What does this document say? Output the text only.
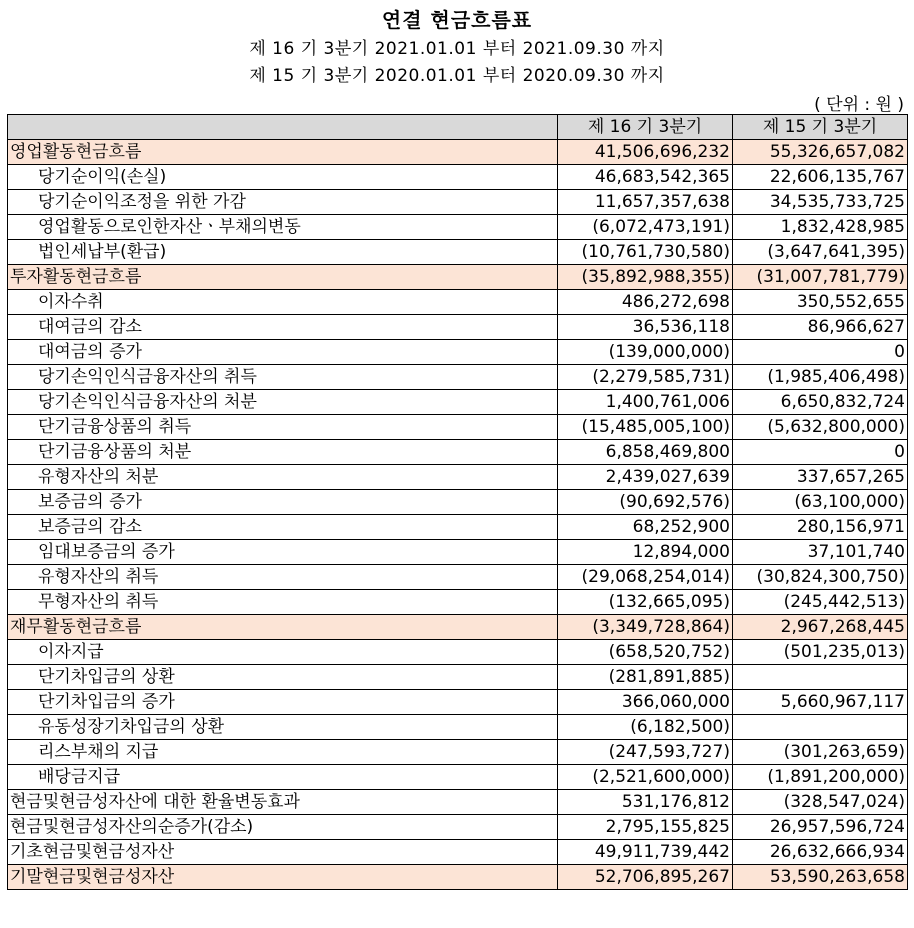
연결 현금흐름표
제 16 기 3분기 2021.01.01 부터 2021.09.30 까지
제 15 기 3분기 2020.01.01 부터 2020.09.30 까지
( 단위 : 원 )
	제 16 기 3분기	제 15 기 3분기
영업활동현금흐름	41,506,696,232	55,326,657,082
당기순이익(손실)	46,683,542,365	22,606,135,767
당기순이익조정을 위한 가감	11,657,357,638	34,535,733,725
영업활동으로인한자산ㆍ부채의변동	(6,072,473,191)	1,832,428,985
법인세납부(환급)	(10,761,730,580)	(3,647,641,395)
투자활동현금흐름	(35,892,988,355)	(31,007,781,779)
이자수취	486,272,698	350,552,655
대여금의 감소	36,536,118	86,966,627
대여금의 증가	(139,000,000)	0
당기손익인식금융자산의 취득	(2,279,585,731)	(1,985,406,498)
당기손익인식금융자산의 처분	1,400,761,006	6,650,832,724
단기금융상품의 취득	(15,485,005,100)	(5,632,800,000)
단기금융상품의 처분	6,858,469,800	0
유형자산의 처분	2,439,027,639	337,657,265
보증금의 증가	(90,692,576)	(63,100,000)
보증금의 감소	68,252,900	280,156,971
임대보증금의 증가	12,894,000	37,101,740
유형자산의 취득	(29,068,254,014)	(30,824,300,750)
무형자산의 취득	(132,665,095)	(245,442,513)
재무활동현금흐름	(3,349,728,864)	2,967,268,445
이자지급	(658,520,752)	(501,235,013)
단기차입금의 상환	(281,891,885)	
단기차입금의 증가	366,060,000	5,660,967,117
유동성장기차입금의 상환	(6,182,500)	
리스부채의 지급	(247,593,727)	(301,263,659)
배당금지급	(2,521,600,000)	(1,891,200,000)
현금및현금성자산에 대한 환율변동효과	531,176,812	(328,547,024)
현금및현금성자산의순증가(감소)	2,795,155,825	26,957,596,724
기초현금및현금성자산	49,911,739,442	26,632,666,934
기말현금및현금성자산	52,706,895,267	53,590,263,658
